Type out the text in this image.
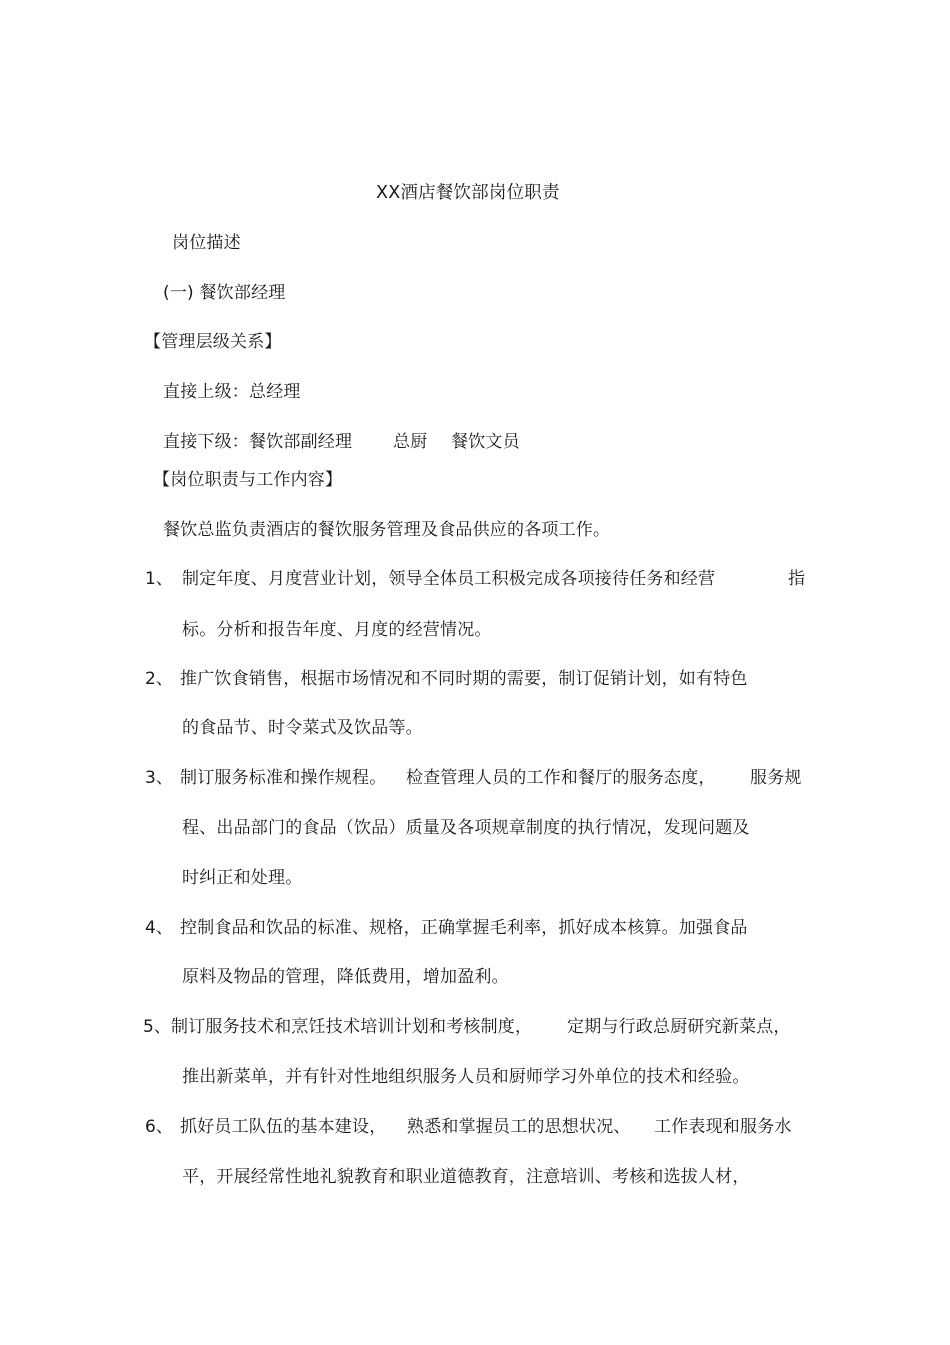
XX酒店餐饮部岗位职责
岗位描述
(一) 餐饮部经理
【管理层级关系】
直接上级：总经理
直接下级：餐饮部副经理 总厨 餐饮文员
【岗位职责与工作内容】
餐饮总监负责酒店的餐饮服务管理及食品供应的各项工作。
1、 制定年度、月度营业计划，领导全体员工积极完成各项接待任务和经营	指
标。分析和报告年度、月度的经营情况。
2、 推广饮食销售，根据市场情况和不同时期的需要，制订促销计划，如有特色
的食品节、时令菜式及饮品等。
3、 制订服务标准和操作规程。 检查管理人员的工作和餐厅的服务态度， 服务规
程、出品部门的食品（饮品）质量及各项规章制度的执行情况，发现问题及
时纠正和处理。
4、 控制食品和饮品的标准、规格，正确掌握毛利率，抓好成本核算。加强食品
原料及物品的管理，降低费用，增加盈利。
5、 制订服务技术和烹饪技术培训计划和考核制度， 定期与行政总厨研究新菜点，
推出新菜单，并有针对性地组织服务人员和厨师学习外单位的技术和经验。
6、 抓好员工队伍的基本建设， 熟悉和掌握员工的思想状况、 工作表现和服务水
平，开展经常性地礼貌教育和职业道德教育，注意培训、考核和选拔人材，
